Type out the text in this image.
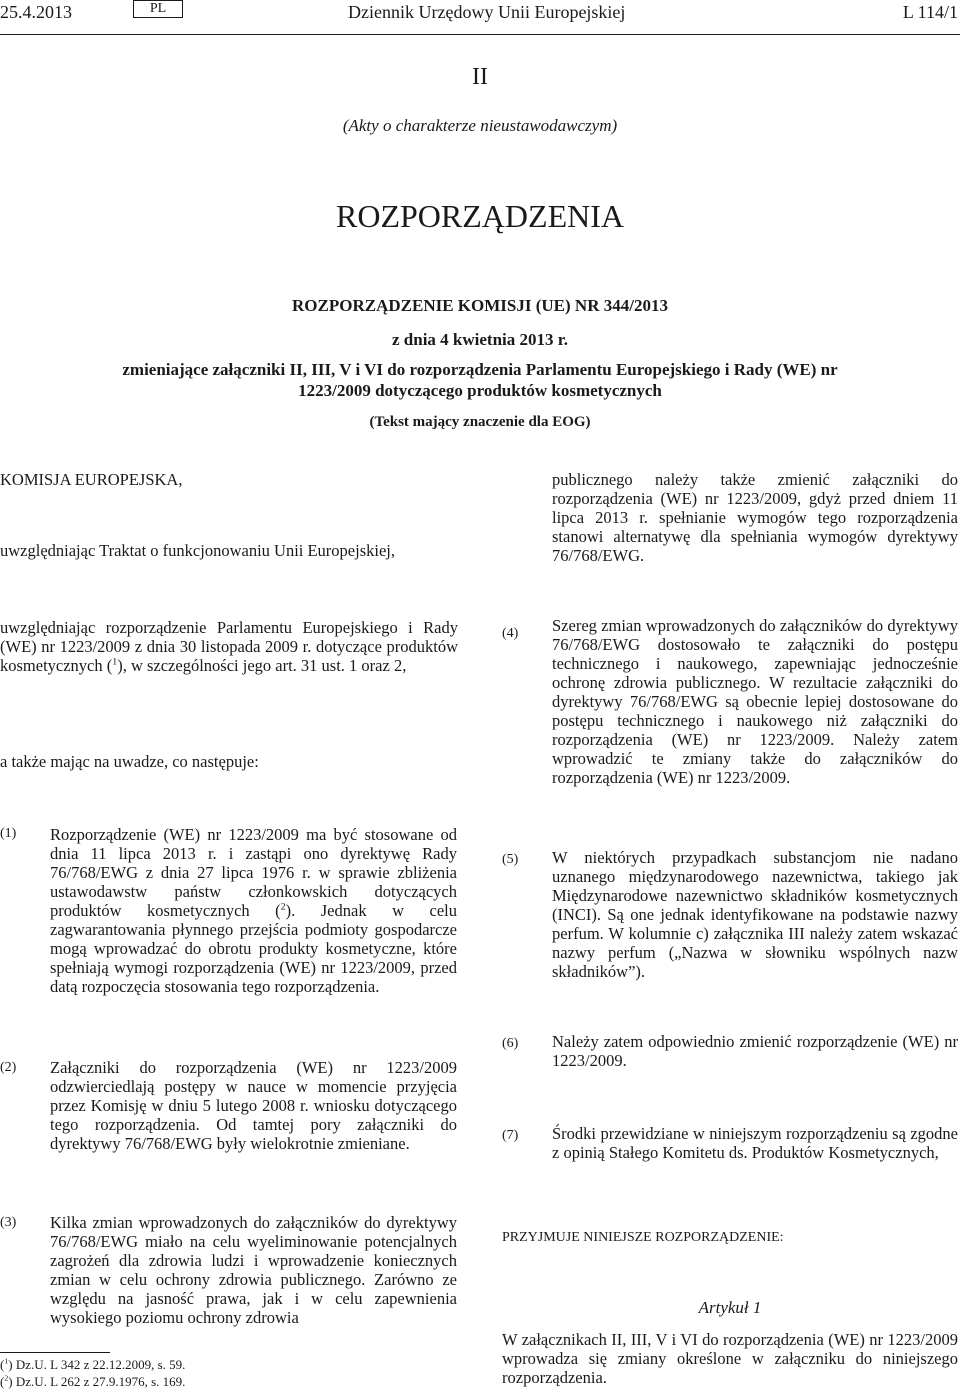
25.4.2013	PL	Dziennik Urzędowy Unii Europejskiej	L 114/1
II
(Akty o charakterze nieustawodawczym)
ROZPORZĄDZENIA
ROZPORZĄDZENIE KOMISJI (UE) NR 344/2013
z dnia 4 kwietnia 2013 r.
zmieniające załączniki II, III, V i VI do rozporządzenia Parlamentu Europejskiego i Rady (WE) nr
1223/2009 dotyczącego produktów kosmetycznych
(Tekst mający znaczenie dla EOG)
KOMISJA EUROPEJSKA,
uwzględniając Traktat o funkcjonowaniu Unii Europejskiej,
uwzględniając rozporządzenie Parlamentu Europejskiego i Rady (WE) nr 1223/2009 z dnia 30 listopada 2009 r. dotyczące produktów kosmetycznych ($^1$), w szczególności jego art. 31 ust. 1 oraz 2,
a także mając na uwadze, co następuje:
(1) Rozporządzenie (WE) nr 1223/2009 ma być stosowane od dnia 11 lipca 2013 r. i zastąpi ono dyrektywę Rady 76/768/EWG z dnia 27 lipca 1976 r. w sprawie zbliżenia ustawodawstw państw członkowskich dotyczących produktów kosmetycznych ($^2$). Jednak w celu zagwarantowania płynnego przejścia podmioty gospodarcze mogą wprowadzać do obrotu produkty kosmetyczne, które spełniają wymogi rozporządzenia (WE) nr 1223/2009, przed datą rozpoczęcia stosowania tego rozporządzenia.
(2) Załączniki do rozporządzenia (WE) nr 1223/2009 odzwierciedlają postępy w nauce w momencie przyjęcia przez Komisję w dniu 5 lutego 2008 r. wniosku dotyczącego tego rozporządzenia. Od tamtej pory załączniki do dyrektywy 76/768/EWG były wielokrotnie zmieniane.
(3) Kilka zmian wprowadzonych do załączników do dyrektywy 76/768/EWG miało na celu wyeliminowanie potencjalnych zagrożeń dla zdrowia ludzi i wprowadzenie koniecznych zmian w celu ochrony zdrowia publicznego. Zarówno ze względu na jasność prawa, jak i w celu zapewnienia wysokiego poziomu ochrony zdrowia
($^1$) Dz.U. L 342 z 22.12.2009, s. 59.
($^2$) Dz.U. L 262 z 27.9.1976, s. 169.
publicznego należy także zmienić załączniki do rozporządzenia (WE) nr 1223/2009, gdyż przed dniem 11 lipca 2013 r. spełnianie wymogów tego rozporządzenia stanowi alternatywę dla spełniania wymogów dyrektywy 76/768/EWG.
(4) Szereg zmian wprowadzonych do załączników do dyrektywy 76/768/EWG dostosowało te załączniki do postępu technicznego i naukowego, zapewniając jednocześnie ochronę zdrowia publicznego. W rezultacie załączniki do dyrektywy 76/768/EWG są obecnie lepiej dostosowane do postępu technicznego i naukowego niż załączniki do rozporządzenia (WE) nr 1223/2009. Należy zatem wprowadzić te zmiany także do załączników do rozporządzenia (WE) nr 1223/2009.
(5) W niektórych przypadkach substancjom nie nadano uznanego międzynarodowego nazewnictwa, takiego jak Międzynarodowe nazewnictwo składników kosmetycznych (INCI). Są one jednak identyfikowane na podstawie nazwy perfum. W kolumnie c) załącznika III należy zatem wskazać nazwy perfum („Nazwa w słowniku wspólnych nazw składników”).
(6) Należy zatem odpowiednio zmienić rozporządzenie (WE) nr 1223/2009.
(7) Środki przewidziane w niniejszym rozporządzeniu są zgodne z opinią Stałego Komitetu ds. Produktów Kosmetycznych,
PRZYJMUJE NINIEJSZE ROZPORZĄDZENIE:
Artykuł 1
W załącznikach II, III, V i VI do rozporządzenia (WE) nr 1223/2009 wprowadza się zmiany określone w załączniku do niniejszego rozporządzenia.
